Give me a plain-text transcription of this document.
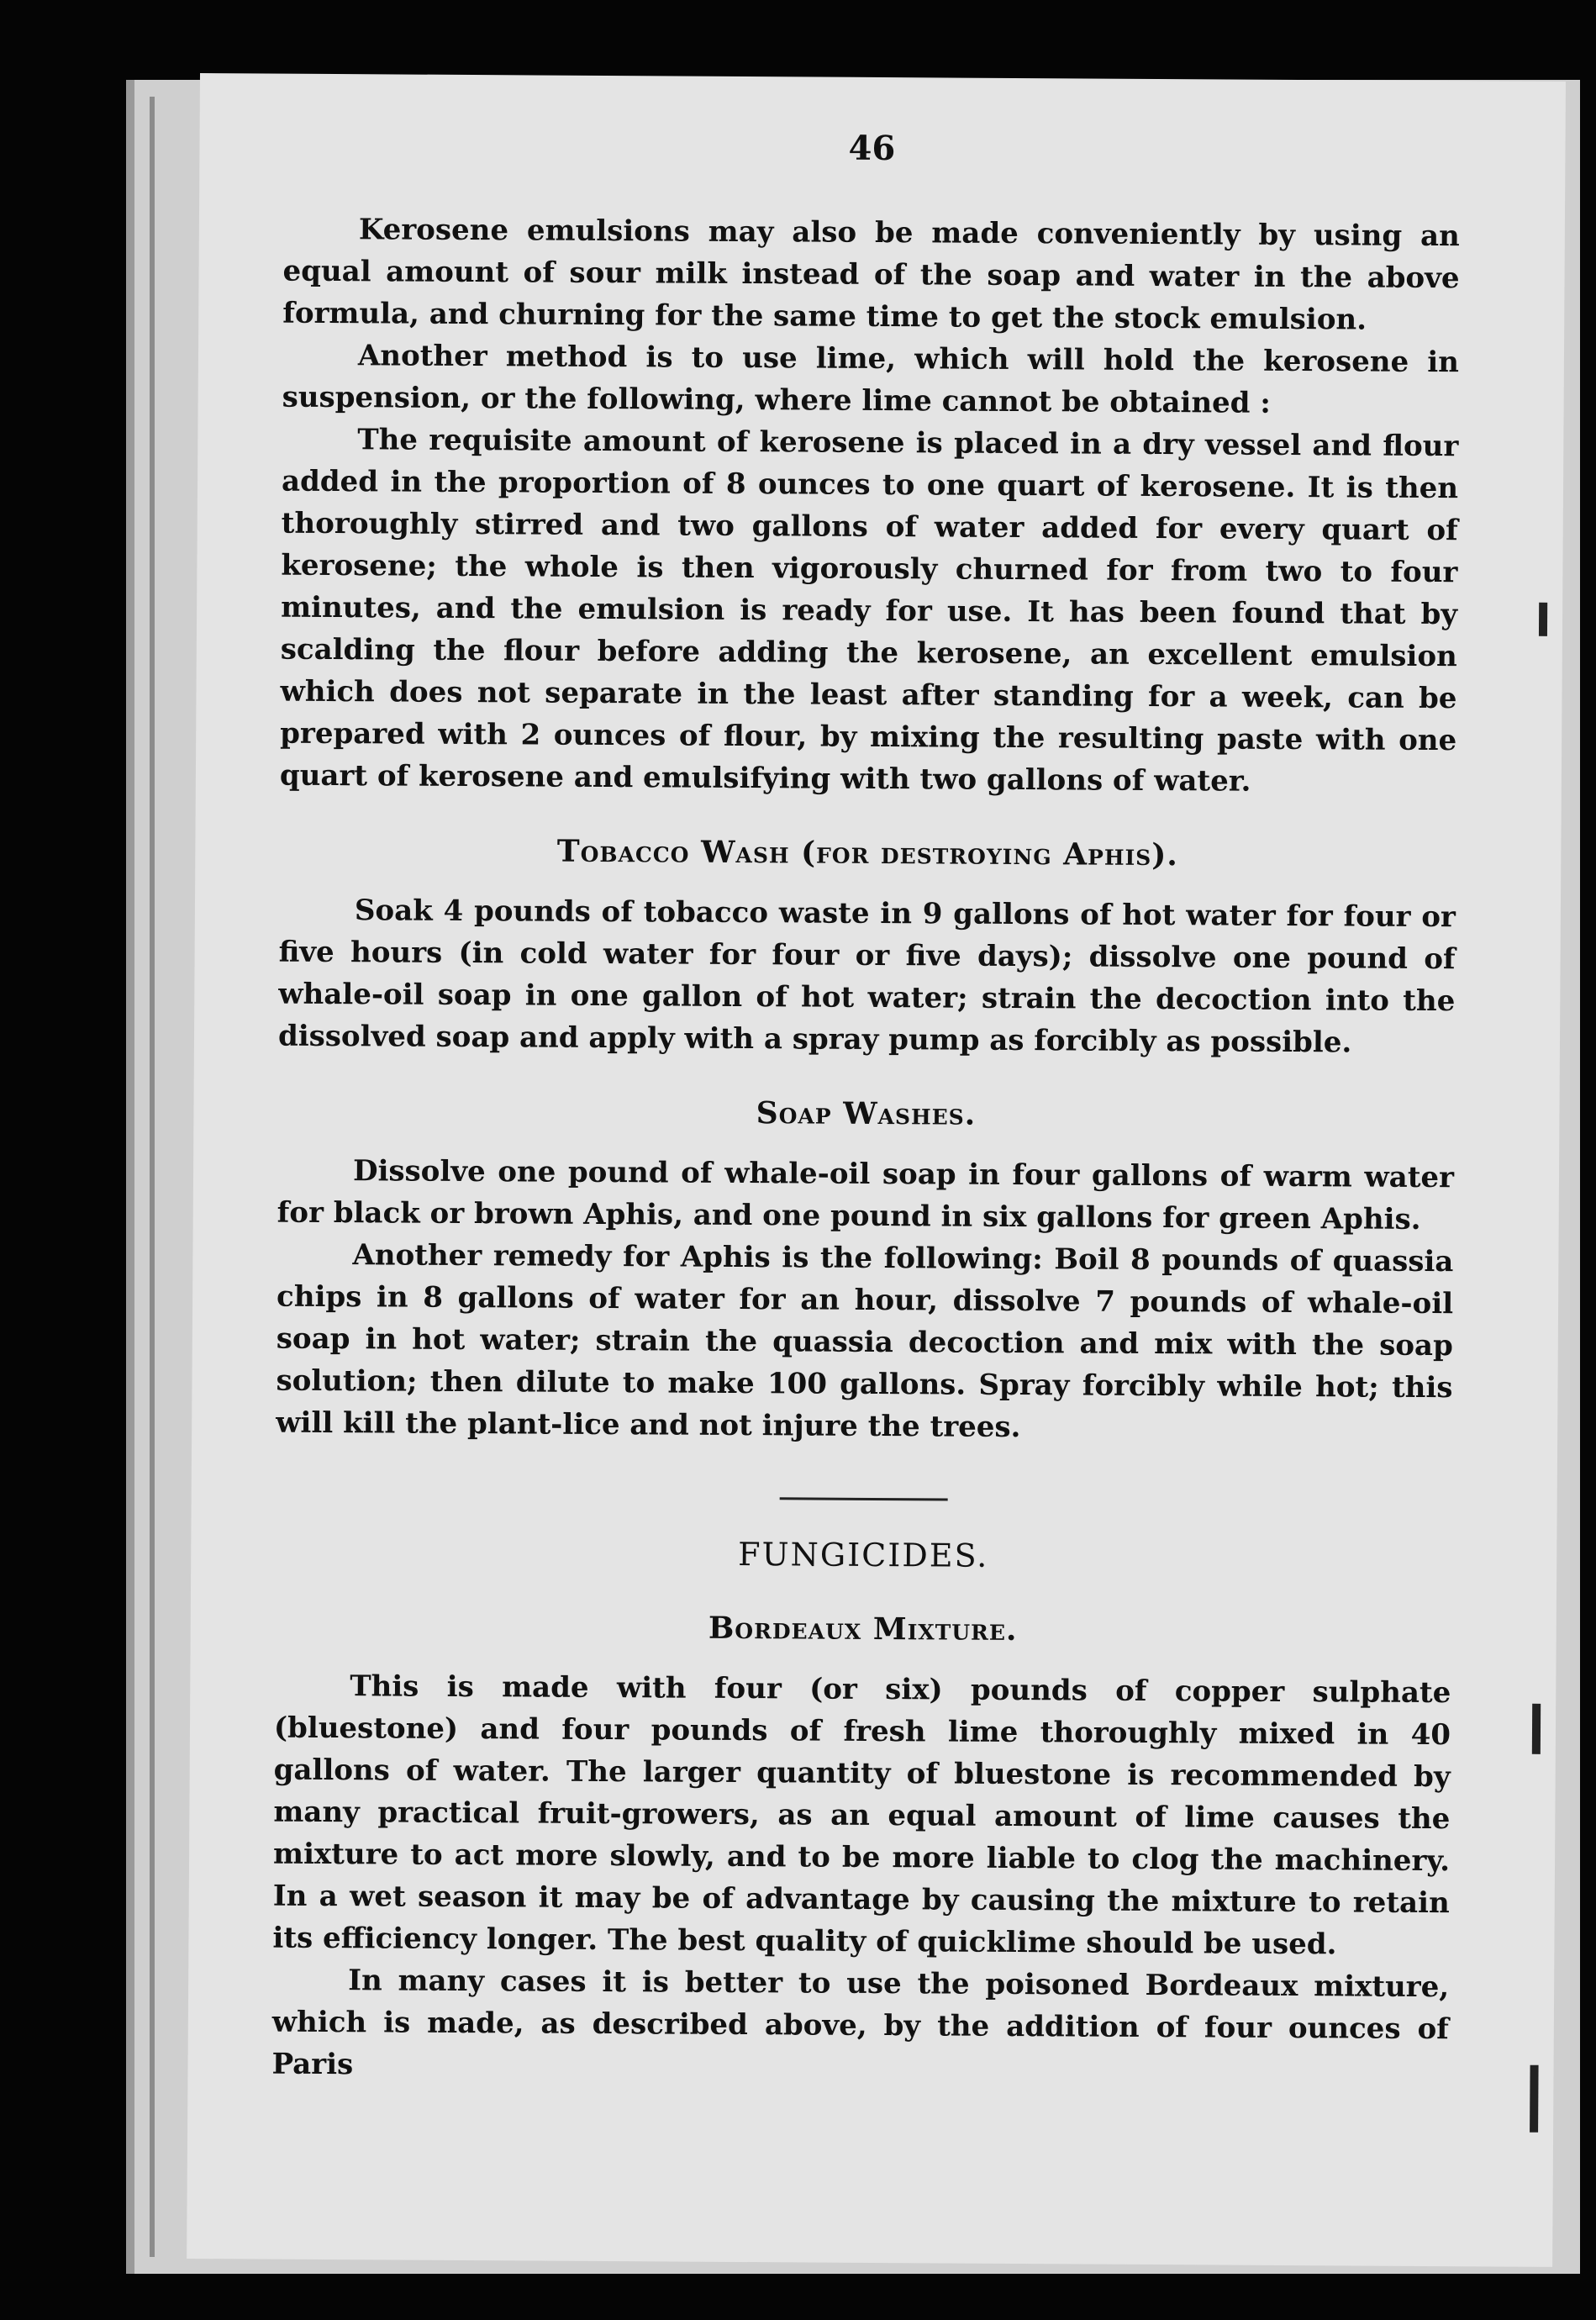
46

Kerosene emulsions may also be made conveniently by using an equal amount of sour milk instead of the soap and water in the above formula, and churning for the same time to get the stock emulsion.

Another method is to use lime, which will hold the kerosene in suspension, or the following, where lime cannot be obtained :

The requisite amount of kerosene is placed in a dry vessel and flour added in the proportion of 8 ounces to one quart of kerosene. It is then thoroughly stirred and two gallons of water added for every quart of kerosene; the whole is then vigorously churned for from two to four minutes, and the emulsion is ready for use. It has been found that by scalding the flour before adding the kerosene, an excellent emulsion which does not separate in the least after standing for a week, can be prepared with 2 ounces of flour, by mixing the resulting paste with one quart of kerosene and emulsifying with two gallons of water.

Tobacco Wash (for destroying Aphis).

Soak 4 pounds of tobacco waste in 9 gallons of hot water for four or five hours (in cold water for four or five days); dissolve one pound of whale-oil soap in one gallon of hot water; strain the decoction into the dissolved soap and apply with a spray pump as forcibly as possible.

Soap Washes.

Dissolve one pound of whale-oil soap in four gallons of warm water for black or brown Aphis, and one pound in six gallons for green Aphis.

Another remedy for Aphis is the following: Boil 8 pounds of quassia chips in 8 gallons of water for an hour, dissolve 7 pounds of whale-oil soap in hot water; strain the quassia decoction and mix with the soap solution; then dilute to make 100 gallons. Spray forcibly while hot; this will kill the plant-lice and not injure the trees.

FUNGICIDES.
Bordeaux Mixture.

This is made with four (or six) pounds of copper sulphate (bluestone) and four pounds of fresh lime thoroughly mixed in 40 gallons of water. The larger quantity of bluestone is recommended by many practical fruit-growers, as an equal amount of lime causes the mixture to act more slowly, and to be more liable to clog the machinery. In a wet season it may be of advantage by causing the mixture to retain its efficiency longer. The best quality of quicklime should be used.

In many cases it is better to use the poisoned Bordeaux mixture, which is made, as described above, by the addition of four ounces of Paris
